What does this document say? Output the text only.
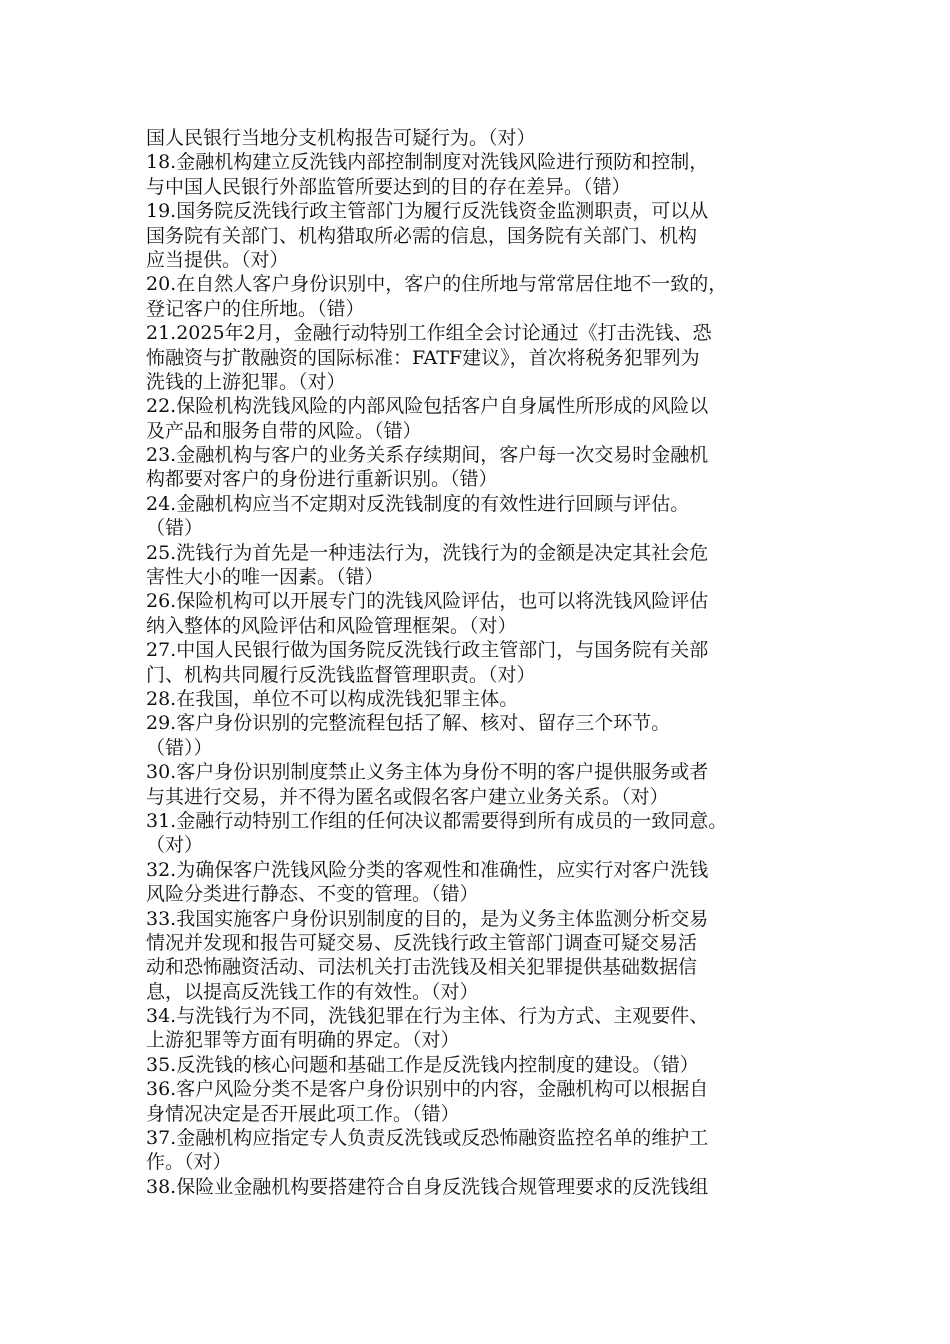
国人民银行当地分支机构报告可疑行为。（对）
18.金融机构建立反洗钱内部控制制度对洗钱风险进行预防和控制，
与中国人民银行外部监管所要达到的目的存在差异。（错）
19.国务院反洗钱行政主管部门为履行反洗钱资金监测职责，可以从
国务院有关部门、机构猎取所必需的信息，国务院有关部门、机构
应当提供。（对）
20.在自然人客户身份识别中，客户的住所地与常常居住地不一致的，
登记客户的住所地。（错）
21.2025年2月，金融行动特别工作组全会讨论通过《打击洗钱、恐
怖融资与扩散融资的国际标准：FATF建议》，首次将税务犯罪列为
洗钱的上游犯罪。（对）
22.保险机构洗钱风险的内部风险包括客户自身属性所形成的风险以
及产品和服务自带的风险。（错）
23.金融机构与客户的业务关系存续期间，客户每一次交易时金融机
构都要对客户的身份进行重新识别。（错）
24.金融机构应当不定期对反洗钱制度的有效性进行回顾与评估。
（错）
25.洗钱行为首先是一种违法行为，洗钱行为的金额是决定其社会危
害性大小的唯一因素。（错）
26.保险机构可以开展专门的洗钱风险评估，也可以将洗钱风险评估
纳入整体的风险评估和风险管理框架。（对）
27.中国人民银行做为国务院反洗钱行政主管部门，与国务院有关部
门、机构共同履行反洗钱监督管理职责。（对）
28.在我国，单位不可以构成洗钱犯罪主体。
29.客户身份识别的完整流程包括了解、核对、留存三个环节。
（错））
30.客户身份识别制度禁止义务主体为身份不明的客户提供服务或者
与其进行交易，并不得为匿名或假名客户建立业务关系。（对）
31.金融行动特别工作组的任何决议都需要得到所有成员的一致同意。
（对）
32.为确保客户洗钱风险分类的客观性和准确性，应实行对客户洗钱
风险分类进行静态、不变的管理。（错）
33.我国实施客户身份识别制度的目的，是为义务主体监测分析交易
情况并发现和报告可疑交易、反洗钱行政主管部门调查可疑交易活
动和恐怖融资活动、司法机关打击洗钱及相关犯罪提供基础数据信
息，以提高反洗钱工作的有效性。（对）
34.与洗钱行为不同，洗钱犯罪在行为主体、行为方式、主观要件、
上游犯罪等方面有明确的界定。（对）
35.反洗钱的核心问题和基础工作是反洗钱内控制度的建设。（错）
36.客户风险分类不是客户身份识别中的内容，金融机构可以根据自
身情况决定是否开展此项工作。（错）
37.金融机构应指定专人负责反洗钱或反恐怖融资监控名单的维护工
作。（对）
38.保险业金融机构要搭建符合自身反洗钱合规管理要求的反洗钱组
